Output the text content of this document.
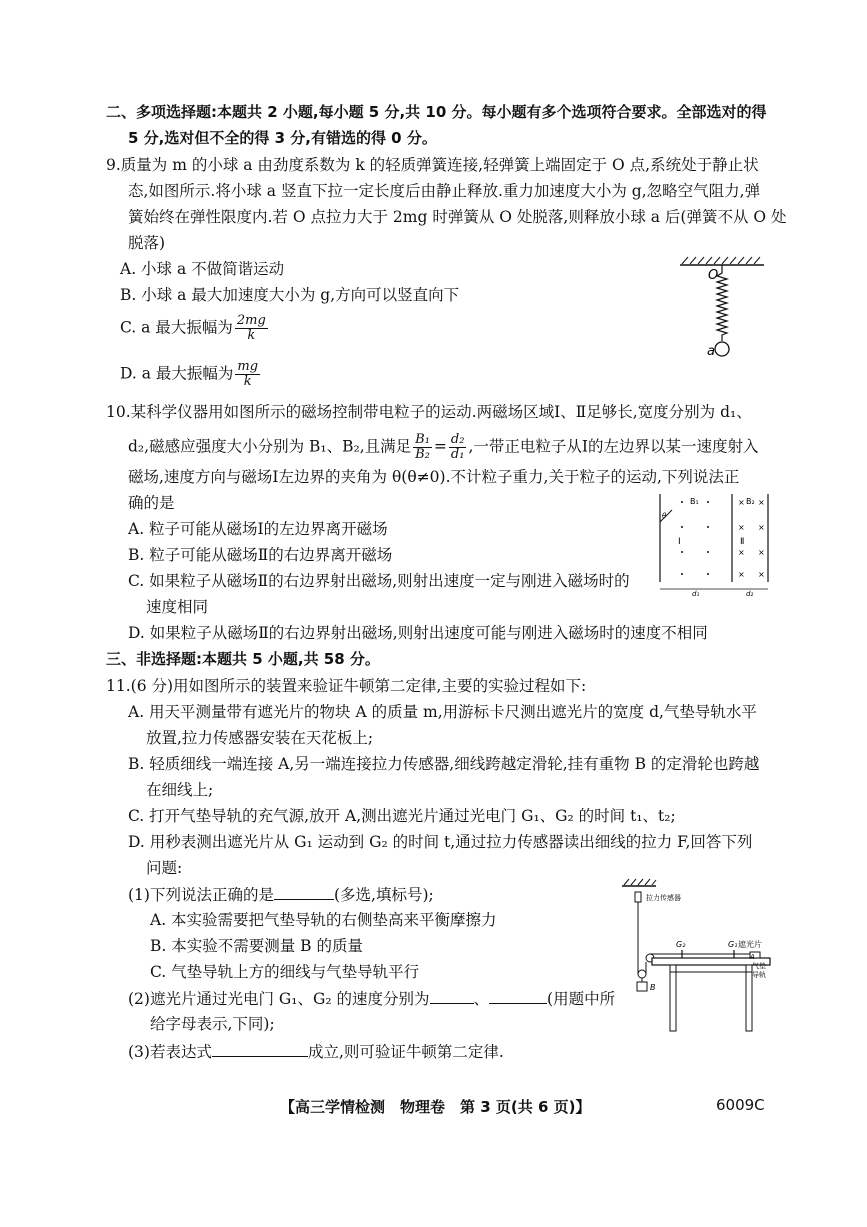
二、多项选择题:本题共 2 小题,每小题 5 分,共 10 分。每小题有多个选项符合要求。全部选对的得
5 分,选对但不全的得 3 分,有错选的得 0 分。
9.质量为 m 的小球 a 由劲度系数为 k 的轻质弹簧连接,轻弹簧上端固定于 O 点,系统处于静止状
态,如图所示.将小球 a 竖直下拉一定长度后由静止释放.重力加速度大小为 g,忽略空气阻力,弹
簧始终在弹性限度内.若 O 点拉力大于 2mg 时弹簧从 O 处脱落,则释放小球 a 后(弹簧不从 O 处
脱落)
A. 小球 a 不做简谐运动
B. 小球 a 最大加速度大小为 g,方向可以竖直向下
C. a 最大振幅为 $\frac{2mg}{k}$
D. a 最大振幅为 $\frac{mg}{k}$
O
a
10.某科学仪器用如图所示的磁场控制带电粒子的运动.两磁场区域Ⅰ、Ⅱ足够长,宽度分别为 d₁、
d₂,磁感应强度大小分别为 B₁、B₂,且满足 $\frac{\text{B₁}}{\text{B₂}} = \frac{\text{d₂}}{\text{d₁}}$ ,一带正电粒子从Ⅰ的左边界以某一速度射入
磁场,速度方向与磁场Ⅰ左边界的夹角为 θ(θ≠0).不计粒子重力,关于粒子的运动,下列说法正
确的是
A. 粒子可能从磁场Ⅰ的左边界离开磁场
B. 粒子可能从磁场Ⅱ的右边界离开磁场
C. 如果粒子从磁场Ⅱ的右边界射出磁场,则射出速度一定与刚进入磁场时的
速度相同
D. 如果粒子从磁场Ⅱ的右边界射出磁场,则射出速度可能与刚进入磁场时的速度不相同
B₁	B₂
× ×
× ×
× ×
× ×
Ⅰ	Ⅱ
θ
d₁	d₂
三、非选择题:本题共 5 小题,共 58 分。
11.(6 分)用如图所示的装置来验证牛顿第二定律,主要的实验过程如下:
A. 用天平测量带有遮光片的物块 A 的质量 m,用游标卡尺测出遮光片的宽度 d,气垫导轨水平
放置,拉力传感器安装在天花板上;
B. 轻质细线一端连接 A,另一端连接拉力传感器,细线跨越定滑轮,挂有重物 B 的定滑轮也跨越
在细线上;
C. 打开气垫导轨的充气源,放开 A,测出遮光片通过光电门 G₁、G₂ 的时间 t₁、t₂;
D. 用秒表测出遮光片从 G₁ 运动到 G₂ 的时间 t,通过拉力传感器读出细线的拉力 F,回答下列
问题:
(1)下列说法正确的是	(多选,填标号);
A. 本实验需要把气垫导轨的右侧垫高来平衡摩擦力
B. 本实验不需要测量 B 的质量
C. 气垫导轨上方的细线与气垫导轨平行
(2)遮光片通过光电门 G₁、G₂ 的速度分别为	、	(用题中所
给字母表示,下同);
(3)若表达式	成立,则可验证牛顿第二定律.
拉力传感器
B
G₂	G₁ 遮光片
A
气垫
导轨
【高三学情检测　物理卷　第 3 页(共 6 页)】	6009C
